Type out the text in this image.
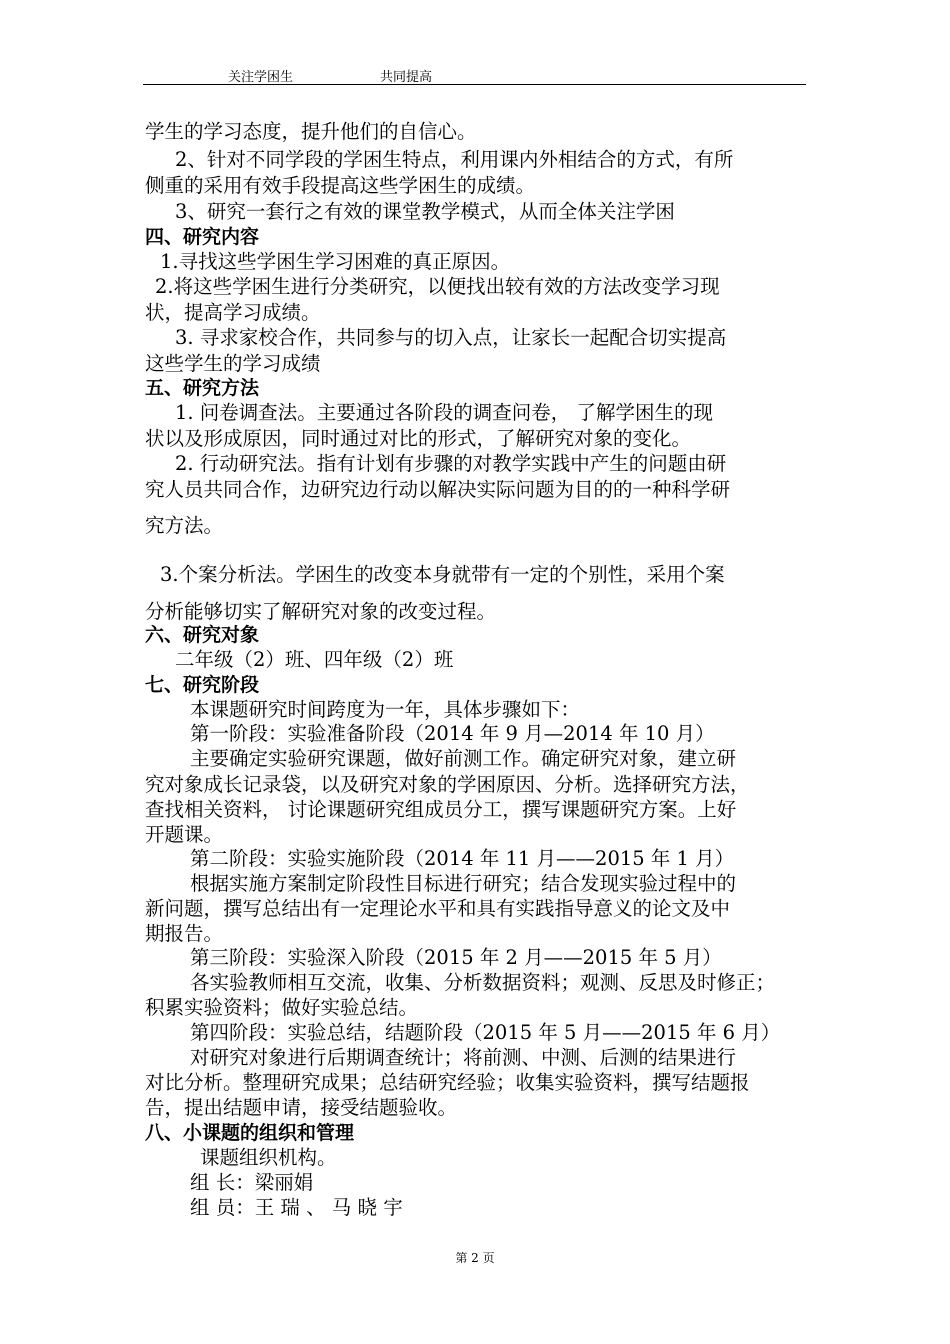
关注学困生	共同提高
学生的学习态度，提升他们的自信心。
2、针对不同学段的学困生特点，利用课内外相结合的方式，有所
侧重的采用有效手段提高这些学困生的成绩。
3、研究一套行之有效的课堂教学模式，从而全体关注学困
四、研究内容
1.寻找这些学困生学习困难的真正原因。
2.将这些学困生进行分类研究，以便找出较有效的方法改变学习现
状，提高学习成绩。
3. 寻求家校合作，共同参与的切入点，让家长一起配合切实提高
这些学生的学习成绩
五、研究方法
1. 问卷调查法。主要通过各阶段的调查问卷， 了解学困生的现
状以及形成原因，同时通过对比的形式，了解研究对象的变化。
2. 行动研究法。指有计划有步骤的对教学实践中产生的问题由研
究人员共同合作，边研究边行动以解决实际问题为目的的一种科学研
究方法。
3.个案分析法。学困生的改变本身就带有一定的个别性，采用个案
分析能够切实了解研究对象的改变过程。
六、研究对象
二年级（2）班、四年级（2）班
七、研究阶段
本课题研究时间跨度为一年，具体步骤如下：
第一阶段：实验准备阶段（2014 年 9 月—2014 年 10 月）
主要确定实验研究课题，做好前测工作。确定研究对象，建立研
究对象成长记录袋，以及研究对象的学困原因、分析。选择研究方法，
查找相关资料， 讨论课题研究组成员分工，撰写课题研究方案。上好
开题课。
第二阶段：实验实施阶段（2014 年 11 月——2015 年 1 月）
根据实施方案制定阶段性目标进行研究；结合发现实验过程中的
新问题，撰写总结出有一定理论水平和具有实践指导意义的论文及中
期报告。
第三阶段：实验深入阶段（2015 年 2 月——2015 年 5 月）
各实验教师相互交流，收集、分析数据资料；观测、反思及时修正；
积累实验资料；做好实验总结。
第四阶段：实验总结，结题阶段（2015 年 5 月——2015 年 6 月）
对研究对象进行后期调查统计；将前测、中测、后测的结果进行
对比分析。整理研究成果；总结研究经验；收集实验资料，撰写结题报
告，提出结题申请，接受结题验收。
八、小课题的组织和管理
课题组织机构。
组 长：梁丽娟
组 员：王 瑞 、 马 晓 宇
第 2 页
